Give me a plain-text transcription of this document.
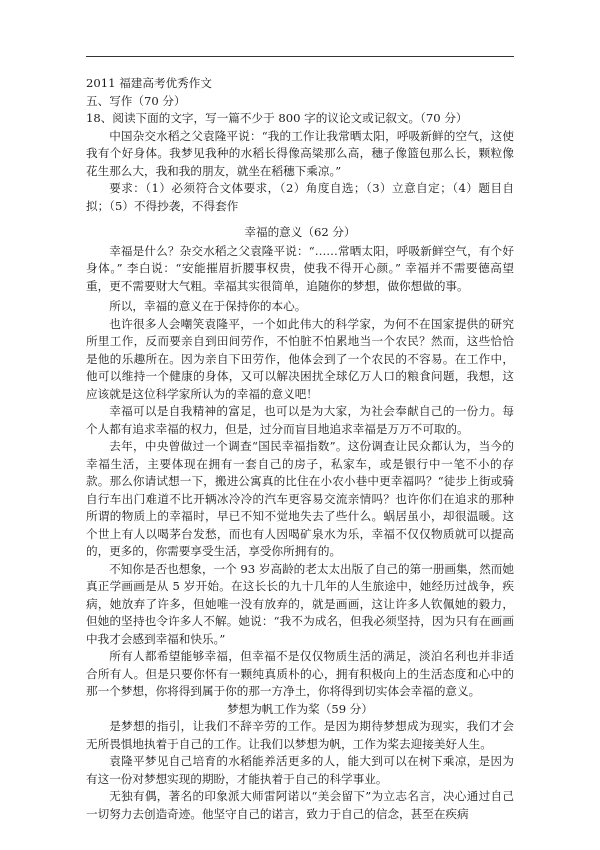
2011 福建高考优秀作文

五、写作（70 分）

18、阅读下面的文字，写一篇不少于 800 字的议论文或记叙文。（70 分）

中国杂交水稻之父袁隆平说：“我的工作让我常晒太阳，呼吸新鲜的空气，这使我有个好身体。我梦见我种的水稻长得像高粱那么高，穗子像篮包那么长，颗粒像花生那么大，我和我的朋友，就坐在稻穗下乘凉。”

要求：（1）必须符合文体要求，（2）角度自选；（3）立意自定；（4）题目自拟；（5）不得抄袭，不得套作

幸福的意义（62 分）

幸福是什么？杂交水稻之父袁隆平说：“……常晒太阳，呼吸新鲜空气，有个好身体。” 李白说：“安能摧眉折腰事权贵，使我不得开心颜。” 幸福并不需要德高望重，更不需要财大气粗。幸福其实很简单，追随你的梦想，做你想做的事。

所以，幸福的意义在于保持你的本心。

也许很多人会嘲笑袁隆平，一个如此伟大的科学家，为何不在国家提供的研究所里工作，反而要亲自到田间劳作，不怕脏不怕累地当一个农民？然而，这些恰恰是他的乐趣所在。因为亲自下田劳作，他体会到了一个农民的不容易。在工作中，他可以维持一个健康的身体，又可以解决困扰全球亿万人口的粮食问题，我想，这应该就是这位科学家所认为的幸福的意义吧！

幸福可以是自我精神的富足，也可以是为大家，为社会奉献自己的一份力。每个人都有追求幸福的权力，但是，过分而盲目地追求幸福是万万不可取的。

去年，中央曾做过一个调查“国民幸福指数”。这份调查让民众都认为，当今的幸福生活，主要体现在拥有一套自己的房子，私家车，或是银行中一笔不小的存款。那么你请试想一下，搬进公寓真的比住在小农小巷中更幸福吗？“徒步上街或骑自行车出门难道不比开辆冰冷冷的汽车更容易交流亲情吗？也许你们在追求的那种所谓的物质上的幸福时，早已不知不觉地失去了些什么。蜗居虽小，却很温暖。这个世上有人以喝茅台发愁，而也有人因喝矿泉水为乐，幸福不仅仅物质就可以提高的，更多的，你需要享受生活，享受你所拥有的。

不知你是否也想象，一个 93 岁高龄的老太太出版了自己的第一册画集，然而她真正学画画是从 5 岁开始。在这长长的九十几年的人生旅途中，她经历过战争，疾病，她放弃了许多，但她唯一没有放弃的，就是画画，这让许多人钦佩她的毅力，但她的坚持也令许多人不解。她说：“我不为成名，但我必须坚持，因为只有在画画中我才会感到幸福和快乐。”

所有人都希望能够幸福，但幸福不是仅仅物质生活的满足，淡泊名利也并非适合所有人。但是只要你怀有一颗纯真质朴的心，拥有积极向上的生活态度和心中的那一个梦想，你将得到属于你的那一方净土，你将得到切实体会幸福的意义。

梦想为帆工作为桨（59 分）

是梦想的指引，让我们不辞辛劳的工作。是因为期待梦想成为现实，我们才会无所畏惧地执着于自己的工作。让我们以梦想为帆，工作为桨去迎接美好人生。

袁隆平梦见自己培育的水稻能养活更多的人，能大到可以在树下乘凉，是因为有这一份对梦想实现的期盼，才能执着于自己的科学事业。

无独有偶，著名的印象派大师雷阿诺以“美会留下”为立志名言，决心通过自己一切努力去创造奇迹。他坚守自己的诺言，致力于自己的信念，甚至在疾病
